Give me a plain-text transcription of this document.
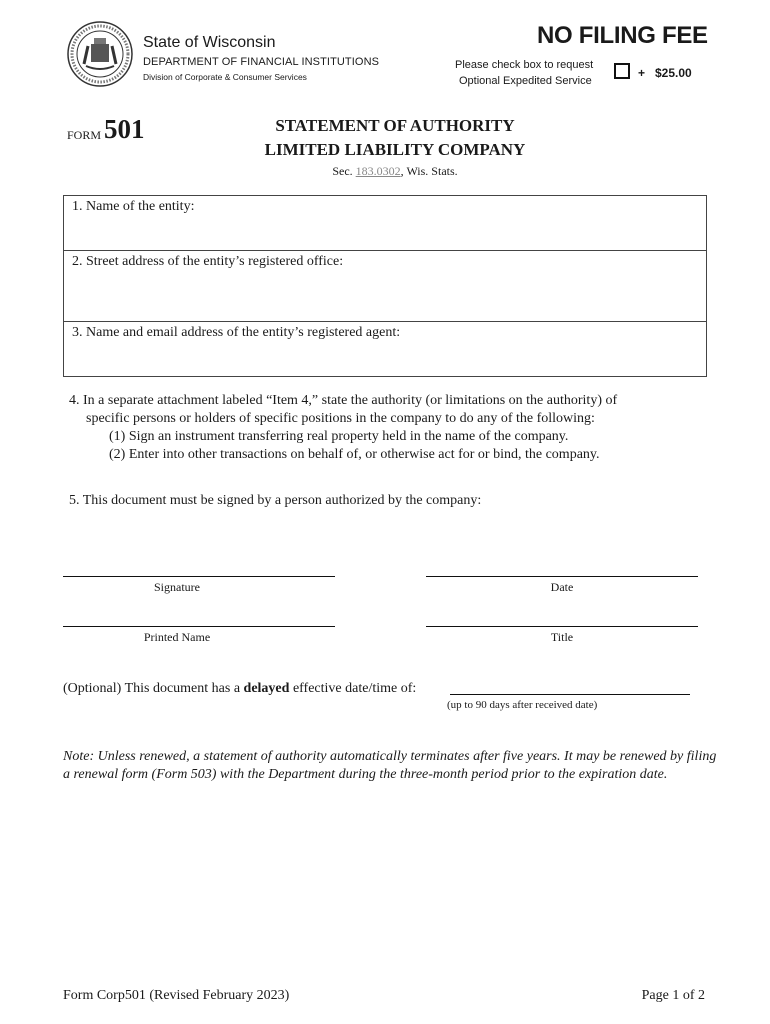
State of Wisconsin
DEPARTMENT OF FINANCIAL INSTITUTIONS
Division of Corporate & Consumer Services
NO FILING FEE
Please check box to request
Optional Expedited Service
+   $25.00
FORM 501	STATEMENT OF AUTHORITY
LIMITED LIABILITY COMPANY
Sec. 183.0302, Wis. Stats.
1. Name of the entity:
2. Street address of the entity’s registered office:
3. Name and email address of the entity’s registered agent:
4. In a separate attachment labeled “Item 4,” state the authority (or limitations on the authority) of
specific persons or holders of specific positions in the company to do any of the following:
(1) Sign an instrument transferring real property held in the name of the company.
(2) Enter into other transactions on behalf of, or otherwise act for or bind, the company.
5. This document must be signed by a person authorized by the company:
Signature	Date
Printed Name	Title
(Optional) This document has a delayed effective date/time of:
(up to 90 days after received date)
Note: Unless renewed, a statement of authority automatically terminates after five years. It may be renewed by filing a renewal form (Form 503) with the Department during the three-month period prior to the expiration date.
Form Corp501 (Revised February 2023)	Page 1 of 2
